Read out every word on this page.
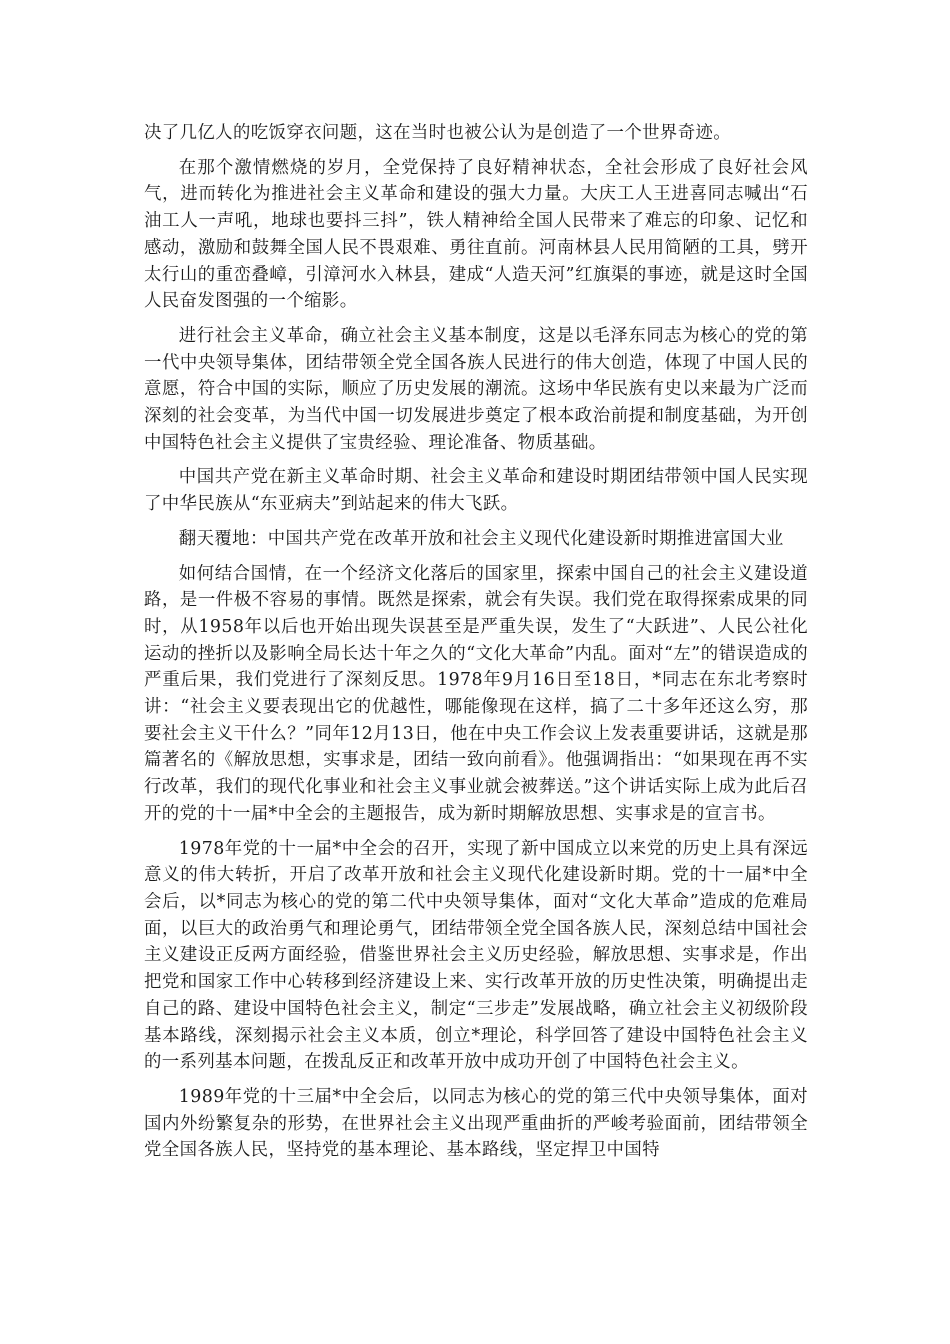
决了几亿人的吃饭穿衣问题，这在当时也被公认为是创造了一个世界奇迹。

在那个激情燃烧的岁月，全党保持了良好精神状态，全社会形成了良好社会风气，进而转化为推进社会主义革命和建设的强大力量。大庆工人王进喜同志喊出“石油工人一声吼，地球也要抖三抖”，铁人精神给全国人民带来了难忘的印象、记忆和感动，激励和鼓舞全国人民不畏艰难、勇往直前。河南林县人民用简陋的工具，劈开太行山的重峦叠嶂，引漳河水入林县，建成“人造天河”红旗渠的事迹，就是这时全国人民奋发图强的一个缩影。

进行社会主义革命，确立社会主义基本制度，这是以毛泽东同志为核心的党的第一代中央领导集体，团结带领全党全国各族人民进行的伟大创造，体现了中国人民的意愿，符合中国的实际，顺应了历史发展的潮流。这场中华民族有史以来最为广泛而深刻的社会变革，为当代中国一切发展进步奠定了根本政治前提和制度基础，为开创中国特色社会主义提供了宝贵经验、理论准备、物质基础。

中国共产党在新主义革命时期、社会主义革命和建设时期团结带领中国人民实现了中华民族从“东亚病夫”到站起来的伟大飞跃。

翻天覆地：中国共产党在改革开放和社会主义现代化建设新时期推进富国大业

如何结合国情，在一个经济文化落后的国家里，探索中国自己的社会主义建设道路，是一件极不容易的事情。既然是探索，就会有失误。我们党在取得探索成果的同时，从1958年以后也开始出现失误甚至是严重失误，发生了“大跃进”、人民公社化运动的挫折以及影响全局长达十年之久的“文化大革命”内乱。面对“左”的错误造成的严重后果，我们党进行了深刻反思。1978年9月16日至18日，*同志在东北考察时讲：“社会主义要表现出它的优越性，哪能像现在这样，搞了二十多年还这么穷，那要社会主义干什么？”同年12月13日，他在中央工作会议上发表重要讲话，这就是那篇著名的《解放思想，实事求是，团结一致向前看》。他强调指出：“如果现在再不实行改革，我们的现代化事业和社会主义事业就会被葬送。”这个讲话实际上成为此后召开的党的十一届*中全会的主题报告，成为新时期解放思想、实事求是的宣言书。

1978年党的十一届*中全会的召开，实现了新中国成立以来党的历史上具有深远意义的伟大转折，开启了改革开放和社会主义现代化建设新时期。党的十一届*中全会后，以*同志为核心的党的第二代中央领导集体，面对“文化大革命”造成的危难局面，以巨大的政治勇气和理论勇气，团结带领全党全国各族人民，深刻总结中国社会主义建设正反两方面经验，借鉴世界社会主义历史经验，解放思想、实事求是，作出把党和国家工作中心转移到经济建设上来、实行改革开放的历史性决策，明确提出走自己的路、建设中国特色社会主义，制定“三步走”发展战略，确立社会主义初级阶段基本路线，深刻揭示社会主义本质，创立*理论，科学回答了建设中国特色社会主义的一系列基本问题，在拨乱反正和改革开放中成功开创了中国特色社会主义。

1989年党的十三届*中全会后，以同志为核心的党的第三代中央领导集体，面对国内外纷繁复杂的形势，在世界社会主义出现严重曲折的严峻考验面前，团结带领全党全国各族人民，坚持党的基本理论、基本路线，坚定捍卫中国特
